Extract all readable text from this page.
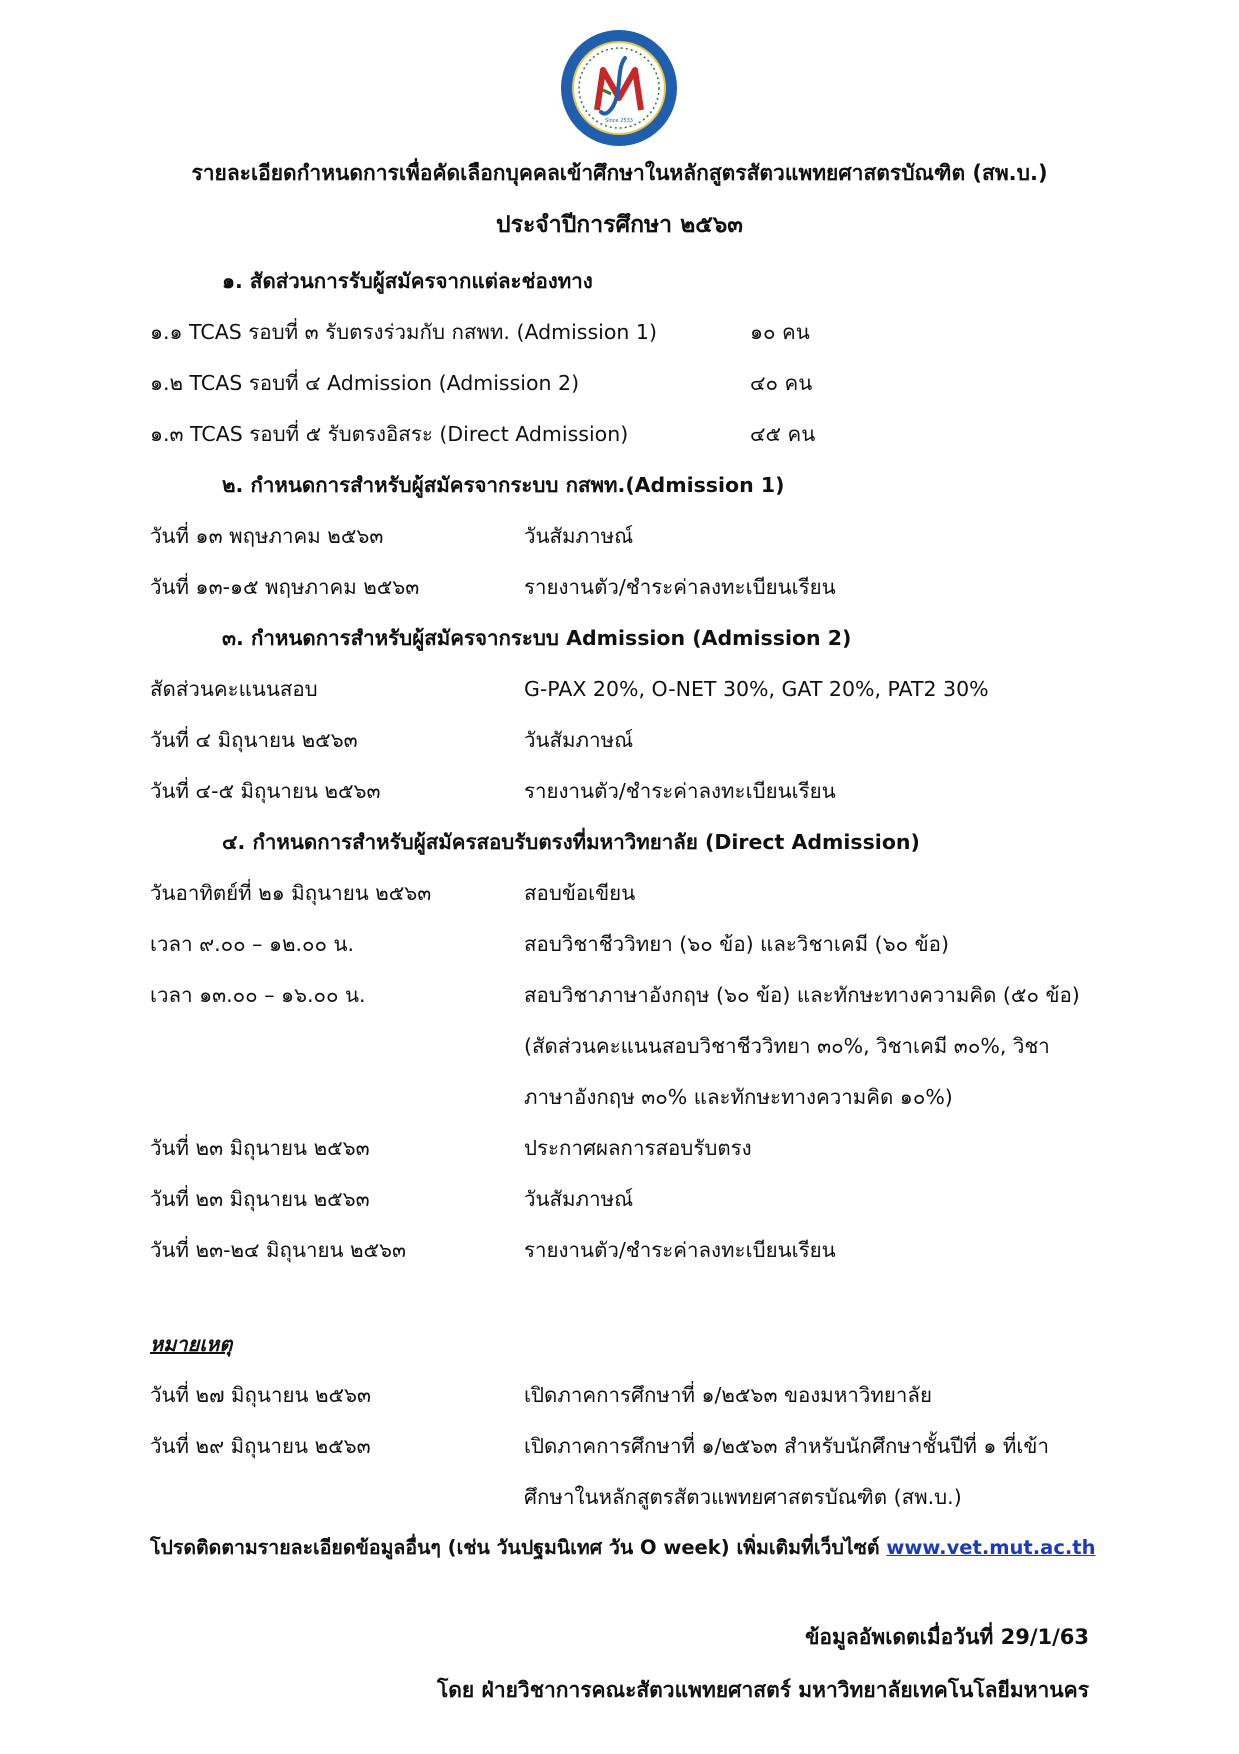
Since 2533
รายละเอียดกำหนดการเพื่อคัดเลือกบุคคลเข้าศึกษาในหลักสูตรสัตวแพทยศาสตรบัณฑิต (สพ.บ.)
ประจำปีการศึกษา ๒๕๖๓
๑. สัดส่วนการรับผู้สมัครจากแต่ละช่องทาง
๑.๑ TCAS รอบที่ ๓ รับตรงร่วมกับ กสพท. (Admission 1)	๑๐ คน
๑.๒ TCAS รอบที่ ๔ Admission (Admission 2)	๔๐ คน
๑.๓ TCAS รอบที่ ๕ รับตรงอิสระ (Direct Admission)	๔๕ คน
๒. กำหนดการสำหรับผู้สมัครจากระบบ กสพท.(Admission 1)
วันที่ ๑๓ พฤษภาคม ๒๕๖๓	วันสัมภาษณ์
วันที่ ๑๓-๑๕ พฤษภาคม ๒๕๖๓	รายงานตัว/ชำระค่าลงทะเบียนเรียน
๓. กำหนดการสำหรับผู้สมัครจากระบบ Admission (Admission 2)
สัดส่วนคะแนนสอบ	G-PAX 20%, O-NET 30%, GAT 20%, PAT2 30%
วันที่ ๔ มิถุนายน ๒๕๖๓	วันสัมภาษณ์
วันที่ ๔-๕ มิถุนายน ๒๕๖๓	รายงานตัว/ชำระค่าลงทะเบียนเรียน
๔. กำหนดการสำหรับผู้สมัครสอบรับตรงที่มหาวิทยาลัย (Direct Admission)
วันอาทิตย์ที่ ๒๑ มิถุนายน ๒๕๖๓	สอบข้อเขียน
เวลา ๙.๐๐ – ๑๒.๐๐ น.	สอบวิชาชีววิทยา (๖๐ ข้อ) และวิชาเคมี (๖๐ ข้อ)
เวลา ๑๓.๐๐ – ๑๖.๐๐ น.	สอบวิชาภาษาอังกฤษ (๖๐ ข้อ) และทักษะทางความคิด (๕๐ ข้อ)
(สัดส่วนคะแนนสอบวิชาชีววิทยา ๓๐%, วิชาเคมี ๓๐%, วิชา
ภาษาอังกฤษ ๓๐% และทักษะทางความคิด ๑๐%)
วันที่ ๒๓ มิถุนายน ๒๕๖๓	ประกาศผลการสอบรับตรง
วันที่ ๒๓ มิถุนายน ๒๕๖๓	วันสัมภาษณ์
วันที่ ๒๓-๒๔ มิถุนายน ๒๕๖๓	รายงานตัว/ชำระค่าลงทะเบียนเรียน
หมายเหตุ
วันที่ ๒๗ มิถุนายน ๒๕๖๓	เปิดภาคการศึกษาที่ ๑/๒๕๖๓ ของมหาวิทยาลัย
วันที่ ๒๙ มิถุนายน ๒๕๖๓	เปิดภาคการศึกษาที่ ๑/๒๕๖๓ สำหรับนักศึกษาชั้นปีที่ ๑ ที่เข้า
ศึกษาในหลักสูตรสัตวแพทยศาสตรบัณฑิต (สพ.บ.)
โปรดติดตามรายละเอียดข้อมูลอื่นๆ (เช่น วันปฐมนิเทศ วัน O week) เพิ่มเติมที่เว็บไซต์ www.vet.mut.ac.th
ข้อมูลอัพเดตเมื่อวันที่ 29/1/63
โดย ฝ่ายวิชาการคณะสัตวแพทยศาสตร์ มหาวิทยาลัยเทคโนโลยีมหานคร
